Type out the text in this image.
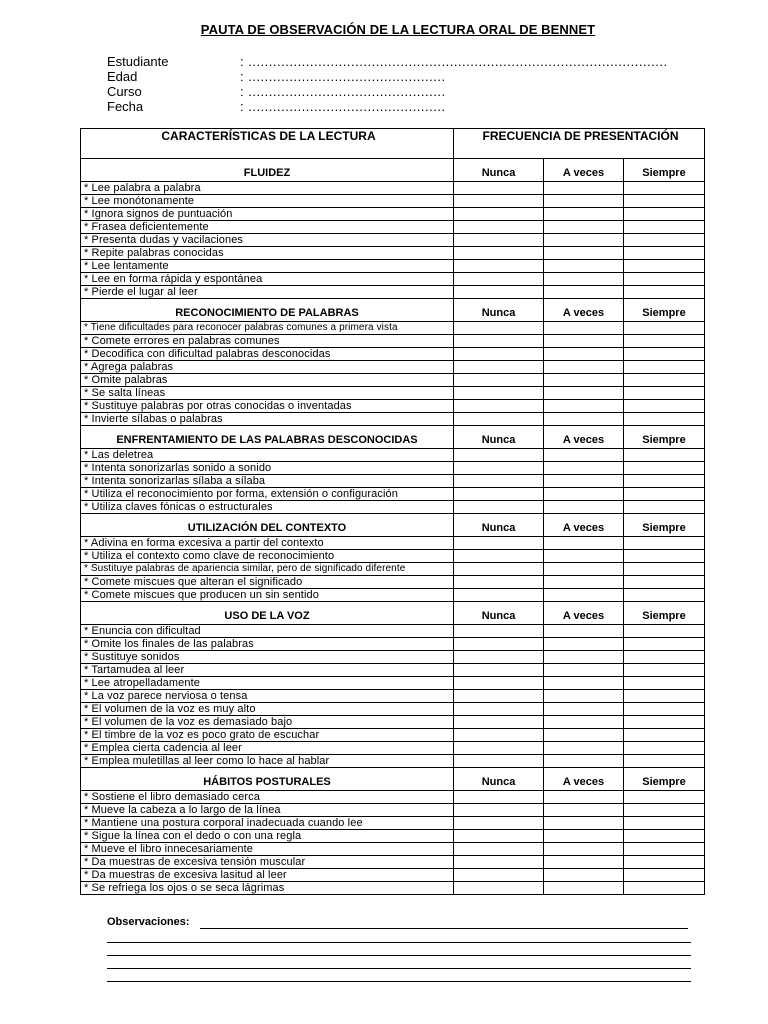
PAUTA DE OBSERVACIÓN DE LA LECTURA ORAL DE BENNET
Estudiante	: ......................................................................................................
Edad	: ................................................
Curso	: ................................................
Fecha	: ................................................
CARACTERÍSTICAS DE LA LECTURA	FRECUENCIA DE PRESENTACIÓN		
FLUIDEZ	Nunca	A veces	Siempre
* Lee palabra a palabra			
* Lee monótonamente			
* Ignora signos de puntuación			
* Frasea deficientemente			
* Presenta dudas y vacilaciones			
* Repite palabras conocidas			
* Lee lentamente			
* Lee en forma rápida y espontánea			
* Pierde el lugar al leer			
RECONOCIMIENTO DE PALABRAS	Nunca	A veces	Siempre
* Tiene dificultades para reconocer palabras comunes a primera vista			
* Comete errores en palabras comunes			
* Decodifica con dificultad palabras desconocidas			
* Agrega palabras			
* Omite palabras			
* Se salta líneas			
* Sustituye palabras por otras conocidas o inventadas			
* Invierte sílabas o palabras			
ENFRENTAMIENTO DE LAS PALABRAS DESCONOCIDAS	Nunca	A veces	Siempre
* Las deletrea			
* Intenta sonorizarlas sonido a sonido			
* Intenta sonorizarlas sílaba a sílaba			
* Utiliza el reconocimiento por forma, extensión o configuración			
* Utiliza claves fónicas o estructurales			
UTILIZACIÓN DEL CONTEXTO	Nunca	A veces	Siempre
* Adivina en forma excesiva a partir del contexto			
* Utiliza el contexto como clave de reconocimiento			
* Sustituye palabras de apariencia similar, pero de significado diferente			
* Comete miscues que alteran el significado			
* Comete miscues que producen un sin sentido			
USO DE LA VOZ	Nunca	A veces	Siempre
* Enuncia con dificultad			
* Omite los finales de las palabras			
* Sustituye sonidos			
* Tartamudea al leer			
* Lee atropelladamente			
* La voz parece nerviosa o tensa			
* El volumen de la voz es muy alto			
* El volumen de la voz es demasiado bajo			
* El timbre de la voz es poco grato de escuchar			
* Emplea cierta cadencia al leer			
* Emplea muletillas al leer como lo hace al hablar			
HÁBITOS POSTURALES	Nunca	A veces	Siempre
* Sostiene el libro demasiado cerca			
* Mueve la cabeza a lo largo de la línea			
* Mantiene una postura corporal inadecuada cuando lee			
* Sigue la línea con el dedo o con una regla			
* Mueve el libro innecesariamente			
* Da muestras de excesiva tensión muscular			
* Da muestras de excesiva lasitud al leer			
* Se refriega los ojos o se seca lágrimas			
Observaciones:
